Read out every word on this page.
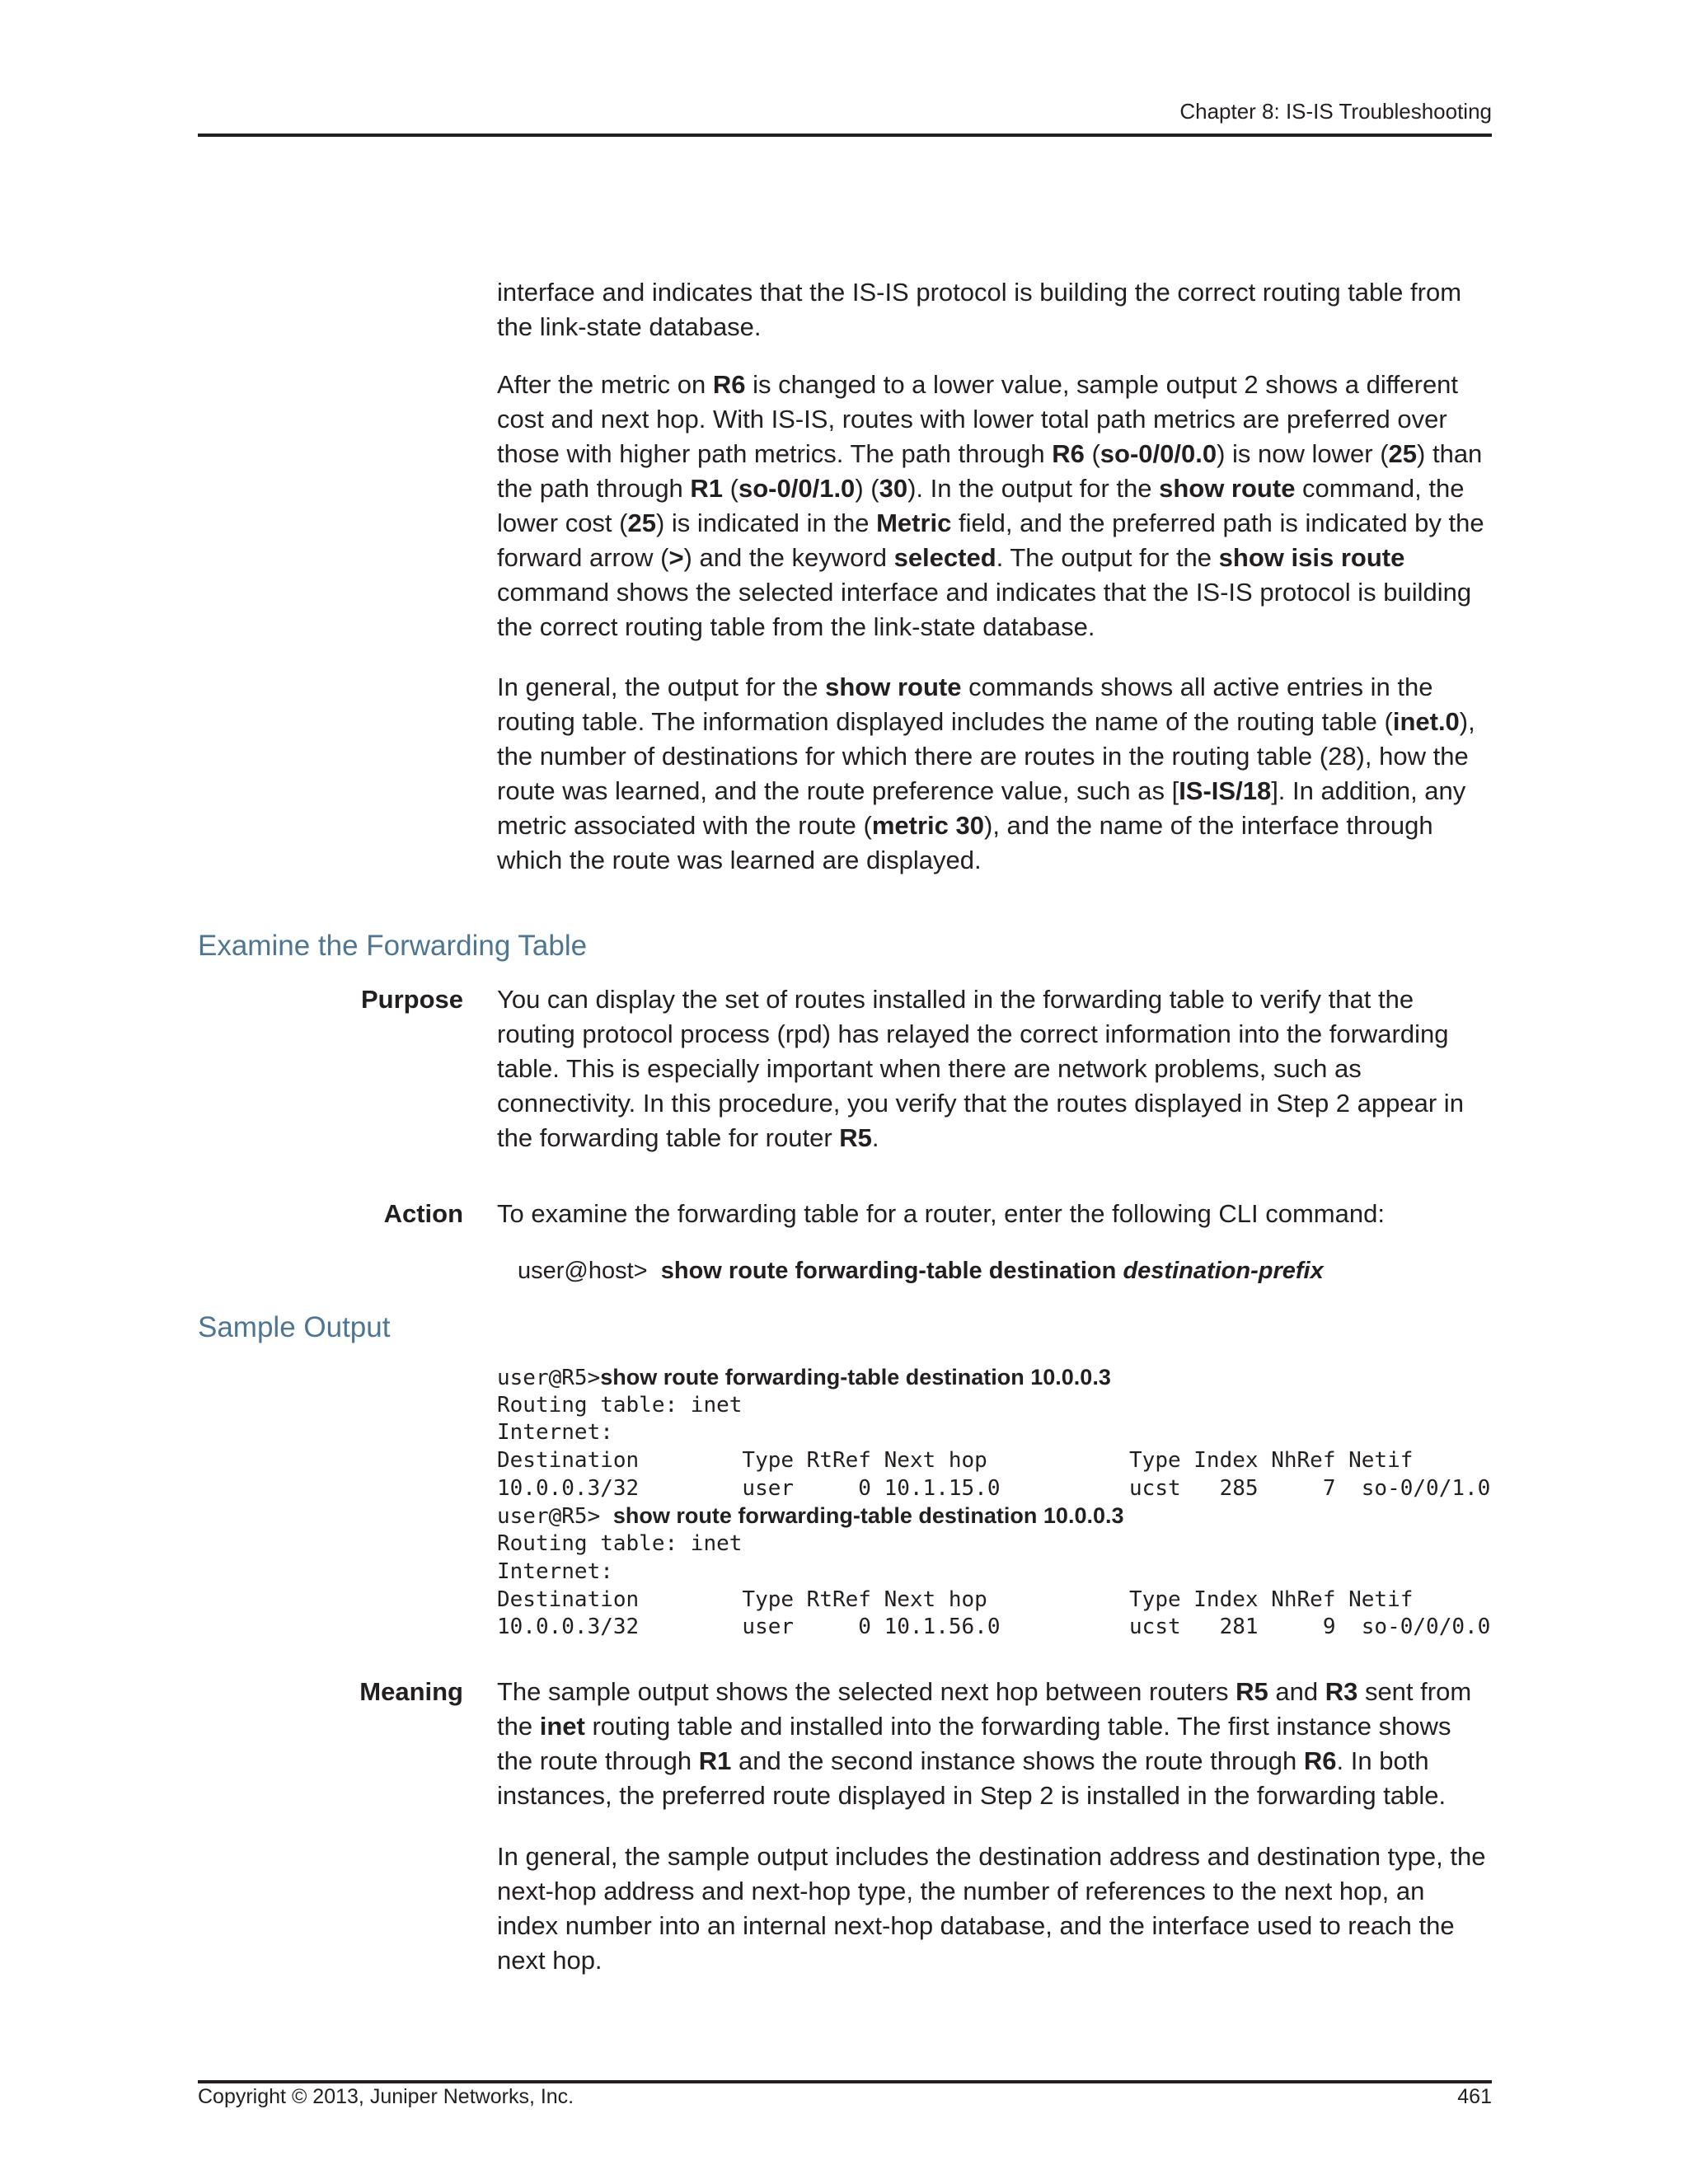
Chapter 8: IS-IS Troubleshooting

interface and indicates that the IS-IS protocol is building the correct routing table from the link-state database.

After the metric on R6 is changed to a lower value, sample output 2 shows a different cost and next hop. With IS-IS, routes with lower total path metrics are preferred over those with higher path metrics. The path through R6 (so-0/0/0.0) is now lower (25) than the path through R1 (so-0/0/1.0) (30). In the output for the show route command, the lower cost (25) is indicated in the Metric field, and the preferred path is indicated by the forward arrow (>) and the keyword selected. The output for the show isis route command shows the selected interface and indicates that the IS-IS protocol is building the correct routing table from the link-state database.

In general, the output for the show route commands shows all active entries in the routing table. The information displayed includes the name of the routing table (inet.0), the number of destinations for which there are routes in the routing table (28), how the route was learned, and the route preference value, such as [IS-IS/18]. In addition, any metric associated with the route (metric 30), and the name of the interface through which the route was learned are displayed.

Examine the Forwarding Table
Purpose You can display the set of routes installed in the forwarding table to verify that the routing protocol process (rpd) has relayed the correct information into the forwarding table. This is especially important when there are network problems, such as connectivity. In this procedure, you verify that the routes displayed in Step 2 appear in the forwarding table for router R5.

Action To examine the forwarding table for a router, enter the following CLI command:

user@host> show route forwarding-table destination destination-prefix
Sample Output
user@R5>show route forwarding-table destination 10.0.0.3
Routing table: inet
Internet:
Destination        Type RtRef Next hop           Type Index NhRef Netif
10.0.0.3/32        user     0 10.1.15.0          ucst   285     7  so-0/0/1.0
user@R5> show route forwarding-table destination 10.0.0.3
Routing table: inet
Internet:
Destination        Type RtRef Next hop           Type Index NhRef Netif
10.0.0.3/32        user     0 10.1.56.0          ucst   281     9  so-0/0/0.0
Meaning The sample output shows the selected next hop between routers R5 and R3 sent from the inet routing table and installed into the forwarding table. The first instance shows the route through R1 and the second instance shows the route through R6. In both instances, the preferred route displayed in Step 2 is installed in the forwarding table.

In general, the sample output includes the destination address and destination type, the next-hop address and next-hop type, the number of references to the next hop, an index number into an internal next-hop database, and the interface used to reach the next hop.

Copyright © 2013, Juniper Networks, Inc.	461
